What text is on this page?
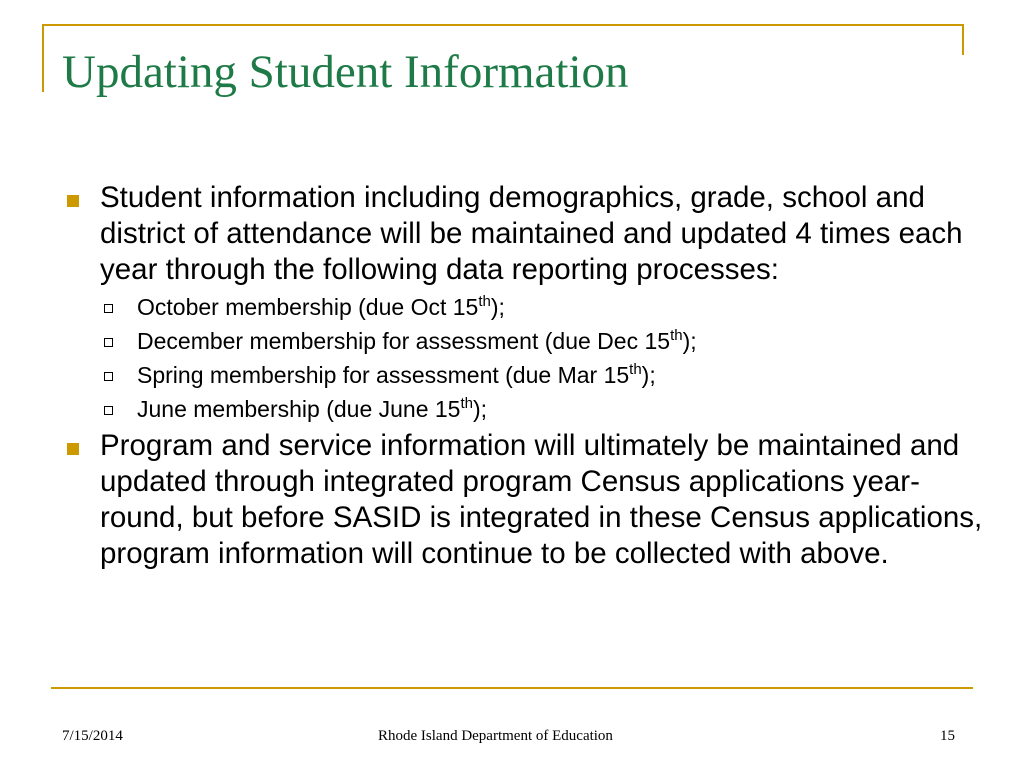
Updating Student Information
Student information including demographics, grade, school and district of attendance will be maintained and updated 4 times each year through the following data reporting processes:
October membership (due Oct 15th);
December membership for assessment (due Dec 15th);
Spring membership for assessment (due Mar 15th);
June membership (due June 15th);
Program and service information will ultimately be maintained and updated through integrated program Census applications year-round, but before SASID is integrated in these Census applications, program information will continue to be collected with above.
7/15/2014	Rhode Island Department of Education	15
